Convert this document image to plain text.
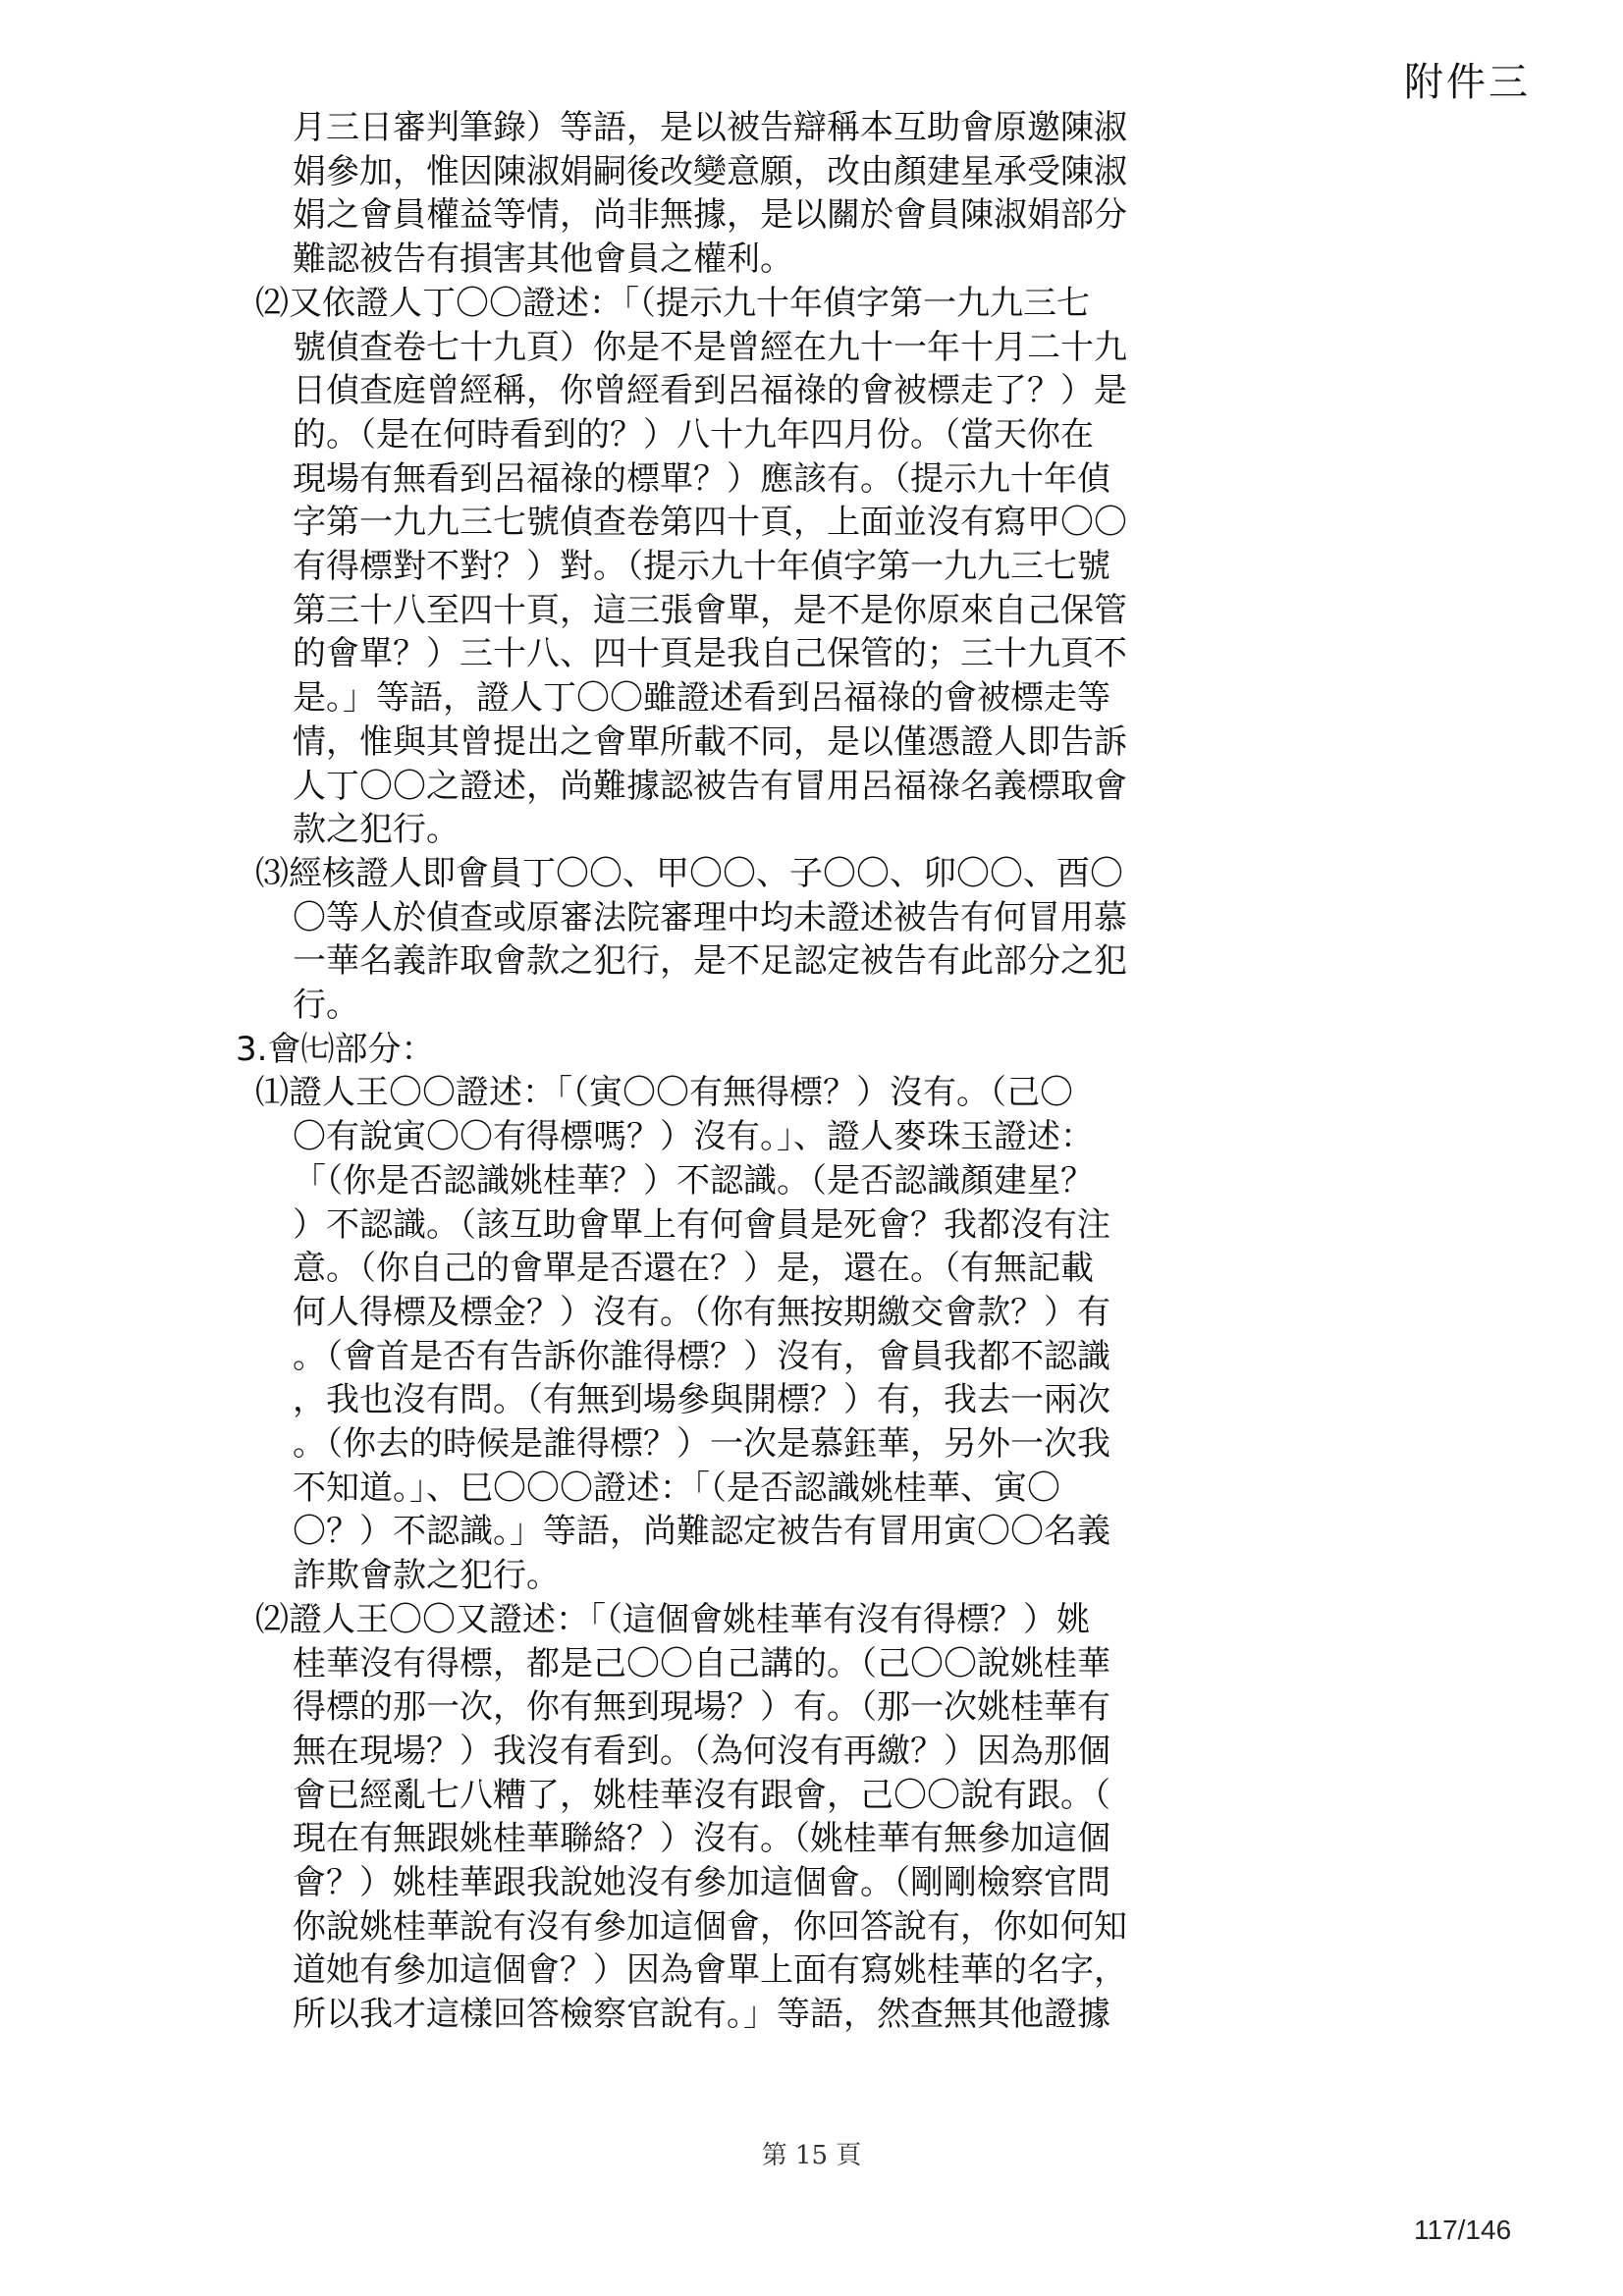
附件三
月三日審判筆錄）等語，是以被告辯稱本互助會原邀陳淑
娟參加，惟因陳淑娟嗣後改變意願，改由顏建星承受陳淑
娟之會員權益等情，尚非無據，是以關於會員陳淑娟部分
難認被告有損害其他會員之權利。
⑵又依證人丁〇〇證述：「（提示九十年偵字第一九九三七
號偵查卷七十九頁）你是不是曾經在九十一年十月二十九
日偵查庭曾經稱，你曾經看到呂福祿的會被標走了？）是
的。（是在何時看到的？）八十九年四月份。（當天你在
現場有無看到呂福祿的標單？）應該有。（提示九十年偵
字第一九九三七號偵查卷第四十頁，上面並沒有寫甲〇〇
有得標對不對？）對。（提示九十年偵字第一九九三七號
第三十八至四十頁，這三張會單，是不是你原來自己保管
的會單？）三十八、四十頁是我自己保管的；三十九頁不
是。」等語，證人丁〇〇雖證述看到呂福祿的會被標走等
情，惟與其曾提出之會單所載不同，是以僅憑證人即告訴
人丁〇〇之證述，尚難據認被告有冒用呂福祿名義標取會
款之犯行。
⑶經核證人即會員丁〇〇、甲〇〇、子〇〇、卯〇〇、酉〇
〇等人於偵查或原審法院審理中均未證述被告有何冒用慕
一華名義詐取會款之犯行，是不足認定被告有此部分之犯
行。
3.會㈦部分：
⑴證人王〇〇證述：「（寅〇〇有無得標？）沒有。（己〇
〇有說寅〇〇有得標嗎？）沒有。」、證人麥珠玉證述：
「（你是否認識姚桂華？）不認識。（是否認識顏建星？
）不認識。（該互助會單上有何會員是死會？我都沒有注
意。（你自己的會單是否還在？）是，還在。（有無記載
何人得標及標金？）沒有。（你有無按期繳交會款？）有
。（會首是否有告訴你誰得標？）沒有，會員我都不認識
，我也沒有問。（有無到場參與開標？）有，我去一兩次
。（你去的時候是誰得標？）一次是慕鈺華，另外一次我
不知道。」、巳〇〇〇證述：「（是否認識姚桂華、寅〇
〇？）不認識。」等語，尚難認定被告有冒用寅〇〇名義
詐欺會款之犯行。
⑵證人王〇〇又證述：「（這個會姚桂華有沒有得標？）姚
桂華沒有得標，都是己〇〇自己講的。（己〇〇說姚桂華
得標的那一次，你有無到現場？）有。（那一次姚桂華有
無在現場？）我沒有看到。（為何沒有再繳？）因為那個
會已經亂七八糟了，姚桂華沒有跟會，己〇〇說有跟。（
現在有無跟姚桂華聯絡？）沒有。（姚桂華有無參加這個
會？）姚桂華跟我說她沒有參加這個會。（剛剛檢察官問
你說姚桂華說有沒有參加這個會，你回答說有，你如何知
道她有參加這個會？）因為會單上面有寫姚桂華的名字，
所以我才這樣回答檢察官說有。」等語，然查無其他證據
第 15 頁
117/146
